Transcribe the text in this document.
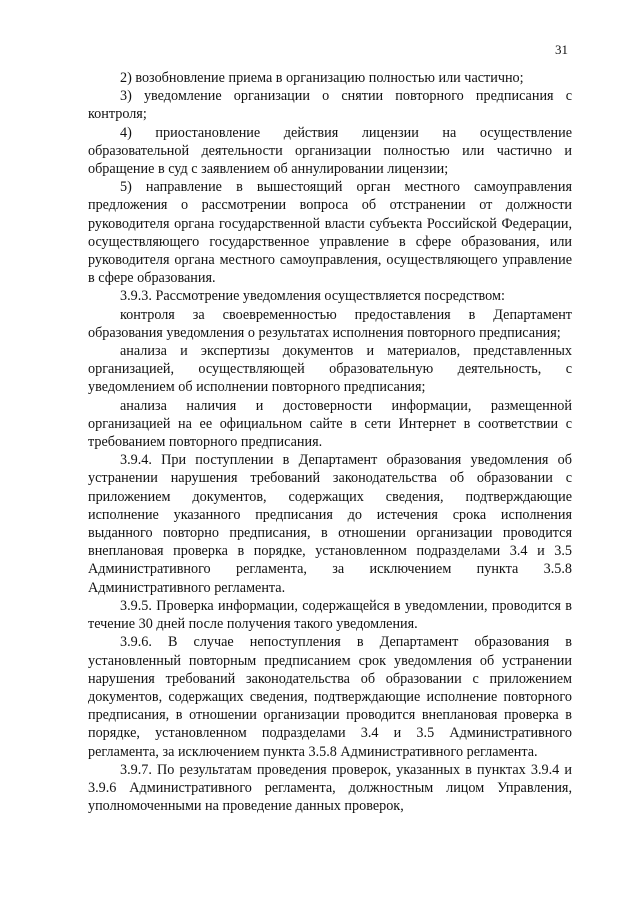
31

2) возобновление приема в организацию полностью или частично;

3) уведомление организации о снятии повторного предписания с контроля;

4) приостановление действия лицензии на осуществление образовательной деятельности организации полностью или частично и обращение в суд с заявлением об аннулировании лицензии;

5) направление в вышестоящий орган местного самоуправления предложения о рассмотрении вопроса об отстранении от должности руководителя органа государственной власти субъекта Российской Федерации, осуществляющего государственное управление в сфере образования, или руководителя органа местного самоуправления, осуществляющего управление в сфере образования.

3.9.3. Рассмотрение уведомления осуществляется посредством:

контроля за своевременностью предоставления в Департамент образования уведомления о результатах исполнения повторного предписания;

анализа и экспертизы документов и материалов, представленных организацией, осуществляющей образовательную деятельность, с уведомлением об исполнении повторного предписания;

анализа наличия и достоверности информации, размещенной организацией на ее официальном сайте в сети Интернет в соответствии с требованием повторного предписания.

3.9.4. При поступлении в Департамент образования уведомления об устранении нарушения требований законодательства об образовании с приложением документов, содержащих сведения, подтверждающие исполнение указанного предписания до истечения срока исполнения выданного повторно предписания, в отношении организации проводится внеплановая проверка в порядке, установленном подразделами 3.4 и 3.5 Административного регламента, за исключением пункта 3.5.8 Административного регламента.

3.9.5. Проверка информации, содержащейся в уведомлении, проводится в течение 30 дней после получения такого уведомления.

3.9.6. В случае непоступления в Департамент образования в установленный повторным предписанием срок уведомления об устранении нарушения требований законодательства об образовании с приложением документов, содержащих сведения, подтверждающие исполнение повторного предписания, в отношении организации проводится внеплановая проверка в порядке, установленном подразделами 3.4 и 3.5 Административного регламента, за исключением пункта 3.5.8 Административного регламента.

3.9.7. По результатам проведения проверок, указанных в пунктах 3.9.4 и 3.9.6 Административного регламента, должностным лицом Управления, уполномоченными на проведение данных проверок,
